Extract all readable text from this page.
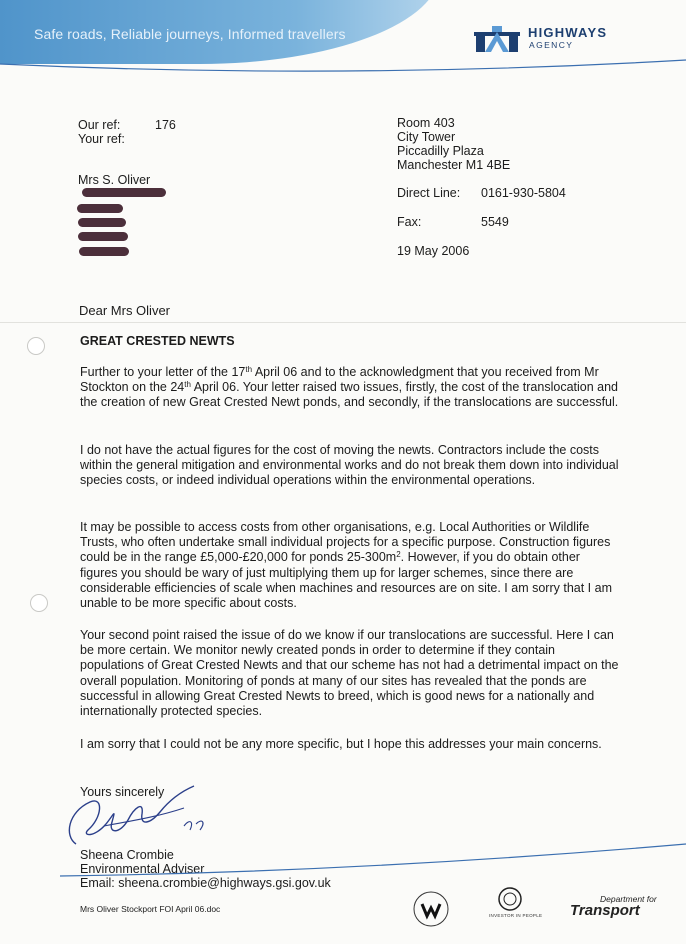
Safe roads, Reliable journeys, Informed travellers	HIGHWAYS
AGENCY
Our ref:	176
Your ref:
Mrs S. Oliver
Room 403
City Tower
Piccadilly Plaza
Manchester M1 4BE
Direct Line: 0161-930-5804
Fax:	5549
19 May 2006
Dear Mrs Oliver
GREAT CRESTED NEWTS
Further to your letter of the 17th April 06 and to the acknowledgment that you received from Mr Stockton on the 24th April 06. Your letter raised two issues, firstly, the cost of the translocation and the creation of new Great Crested Newt ponds, and secondly, if the translocations are successful.
I do not have the actual figures for the cost of moving the newts. Contractors include the costs within the general mitigation and environmental works and do not break them down into individual species costs, or indeed individual operations within the environmental operations.
It may be possible to access costs from other organisations, e.g. Local Authorities or Wildlife Trusts, who often undertake small individual projects for a specific purpose. Construction figures could be in the range £5,000-£20,000 for ponds $25-300m^2$. However, if you do obtain other figures you should be wary of just multiplying them up for larger schemes, since there are considerable efficiencies of scale when machines and resources are on site. I am sorry that I am unable to be more specific about costs.
Your second point raised the issue of do we know if our translocations are successful. Here I can be more certain. We monitor newly created ponds in order to determine if they contain populations of Great Crested Newts and that our scheme has not had a detrimental impact on the overall population. Monitoring of ponds at many of our sites has revealed that the ponds are successful in allowing Great Crested Newts to breed, which is good news for a nationally and internationally protected species.
I am sorry that I could not be any more specific, but I hope this addresses your main concerns.
Yours sincerely
Sheena Crombie
Environmental Adviser
Email: sheena.crombie@highways.gsi.gov.uk
Mrs Oliver Stockport FOI April 06.doc
INVESTOR IN PEOPLE
Department for
Transport
